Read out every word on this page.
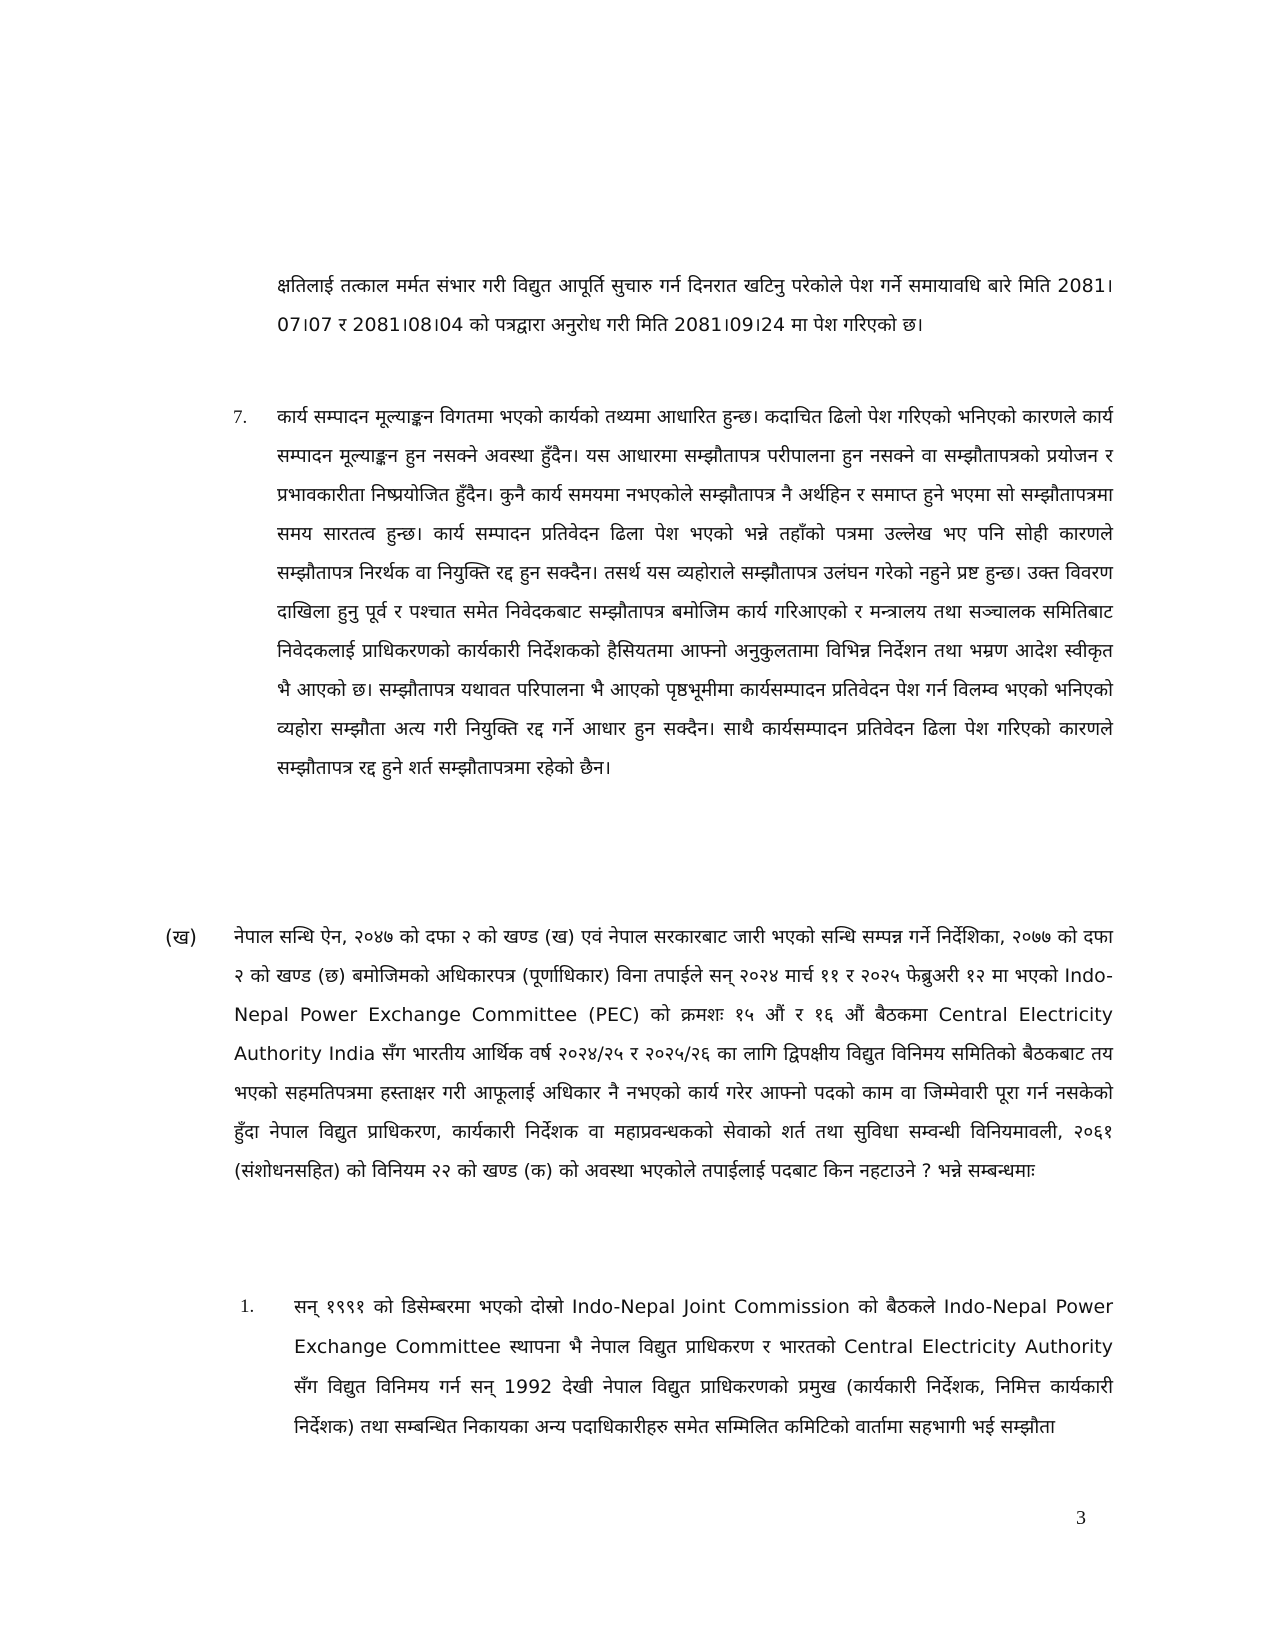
क्षतिलाई तत्काल मर्मत संभार गरी विद्युत आपूर्ति सुचारु गर्न दिनरात खटिनु परेकोले पेश गर्ने समायावधि बारे मिति 2081।07।07 र 2081।08।04 को पत्रद्वारा अनुरोध गरी मिति 2081।09।24 मा पेश गरिएको छ।
7. कार्य सम्पादन मूल्याङ्कन विगतमा भएको कार्यको तथ्यमा आधारित हुन्छ। कदाचित ढिलो पेश गरिएको भनिएको कारणले कार्य सम्पादन मूल्याङ्कन हुन नसक्ने अवस्था हुँदैन। यस आधारमा सम्झौतापत्र परीपालना हुन नसक्ने वा सम्झौतापत्रको प्रयोजन र प्रभावकारीता निष्प्रयोजित हुँदैन। कुनै कार्य समयमा नभएकोले सम्झौतापत्र नै अर्थहिन र समाप्त हुने भएमा सो सम्झौतापत्रमा समय सारतत्व हुन्छ। कार्य सम्पादन प्रतिवेदन ढिला पेश भएको भन्ने तहाँको पत्रमा उल्लेख भए पनि सोही कारणले सम्झौतापत्र निरर्थक वा नियुक्ति रद्द हुन सक्दैन। तसर्थ यस व्यहोराले सम्झौतापत्र उलंघन गरेको नहुने प्रष्ट हुन्छ। उक्त विवरण दाखिला हुनु पूर्व र पश्चात समेत निवेदकबाट सम्झौतापत्र बमोजिम कार्य गरिआएको र मन्त्रालय तथा सञ्चालक समितिबाट निवेदकलाई प्राधिकरणको कार्यकारी निर्देशकको हैसियतमा आफ्नो अनुकुलतामा विभिन्न निर्देशन तथा भम्रण आदेश स्वीकृत भै आएको छ। सम्झौतापत्र यथावत परिपालना भै आएको पृष्ठभूमीमा कार्यसम्पादन प्रतिवेदन पेश गर्न विलम्व भएको भनिएको व्यहोरा सम्झौता अत्य गरी नियुक्ति रद्द गर्ने आधार हुन सक्दैन। साथै कार्यसम्पादन प्रतिवेदन ढिला पेश गरिएको कारणले सम्झौतापत्र रद्द हुने शर्त सम्झौतापत्रमा रहेको छैन।
(ख) नेपाल सन्धि ऐन, २०४७ को दफा २ को खण्ड (ख) एवं नेपाल सरकारबाट जारी भएको सन्धि सम्पन्न गर्ने निर्देशिका, २०७७ को दफा २ को खण्ड (छ) बमोजिमको अधिकारपत्र (पूर्णाधिकार) विना तपाईले सन् २०२४ मार्च ११ र २०२५ फेब्रुअरी १२ मा भएको Indo-Nepal Power Exchange Committee (PEC) को क्रमशः १५ औं र १६ औं बैठकमा Central Electricity Authority India सँग भारतीय आर्थिक वर्ष २०२४/२५ र २०२५/२६ का लागि द्विपक्षीय विद्युत विनिमय समितिको बैठकबाट तय भएको सहमतिपत्रमा हस्ताक्षर गरी आफूलाई अधिकार नै नभएको कार्य गरेर आफ्नो पदको काम वा जिम्मेवारी पूरा गर्न नसकेको हुँदा नेपाल विद्युत प्राधिकरण, कार्यकारी निर्देशक वा महाप्रवन्धकको सेवाको शर्त तथा सुविधा सम्वन्धी विनियमावली, २०६१ (संशोधनसहित) को विनियम २२ को खण्ड (क) को अवस्था भएकोले तपाईलाई पदबाट किन नहटाउने ? भन्ने सम्बन्धमाः
1. सन् १९९१ को डिसेम्बरमा भएको दोस्रो Indo-Nepal Joint Commission को बैठकले Indo-Nepal Power Exchange Committee स्थापना भै नेपाल विद्युत प्राधिकरण र भारतको Central Electricity Authority सँग विद्युत विनिमय गर्न सन् 1992 देखी नेपाल विद्युत प्राधिकरणको प्रमुख (कार्यकारी निर्देशक, निमित्त कार्यकारी निर्देशक) तथा सम्बन्धित निकायका अन्य पदाधिकारीहरु समेत सम्मिलित कमिटिको वार्तामा सहभागी भई सम्झौता
3
